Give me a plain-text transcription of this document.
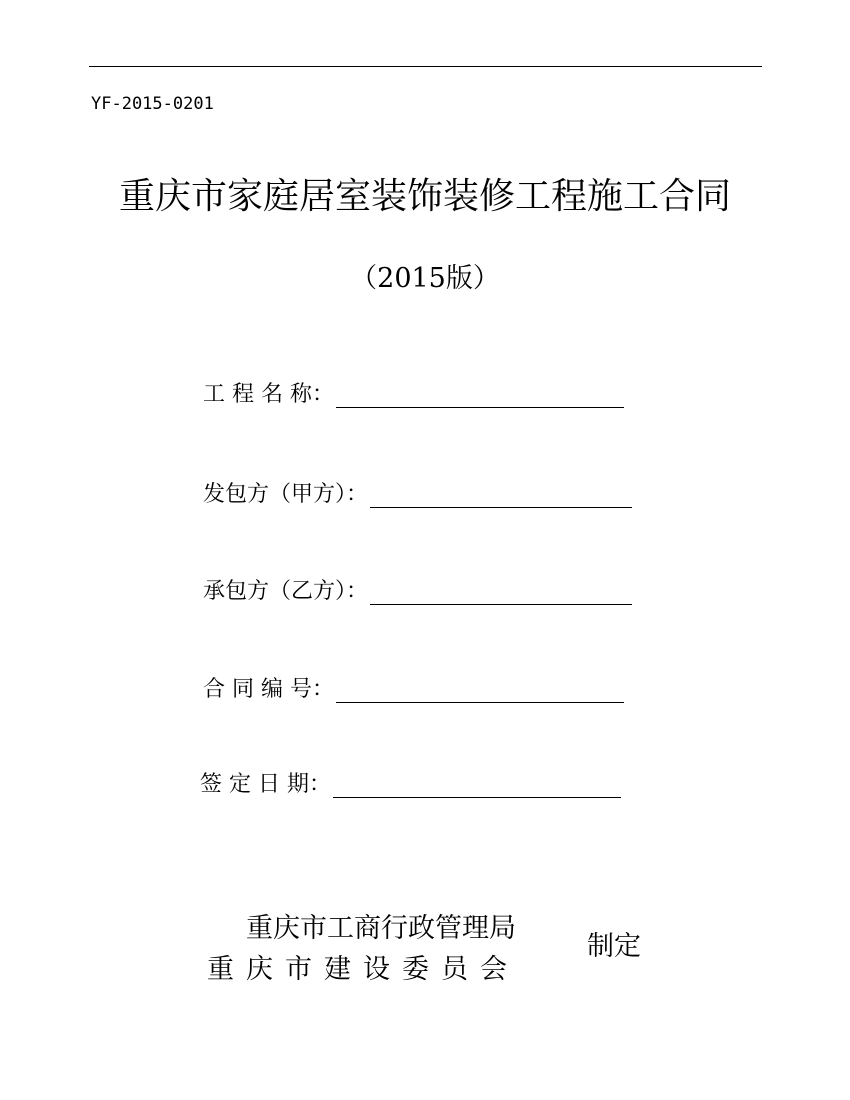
YF-2015-0201
重庆市家庭居室装饰装修工程施工合同
（2015版）
工 程 名 称：
发包方（甲方）：
承包方（乙方）：
合 同 编 号：
签 定 日 期：
重庆市工商行政管理局
重庆市建设委员会
制定
